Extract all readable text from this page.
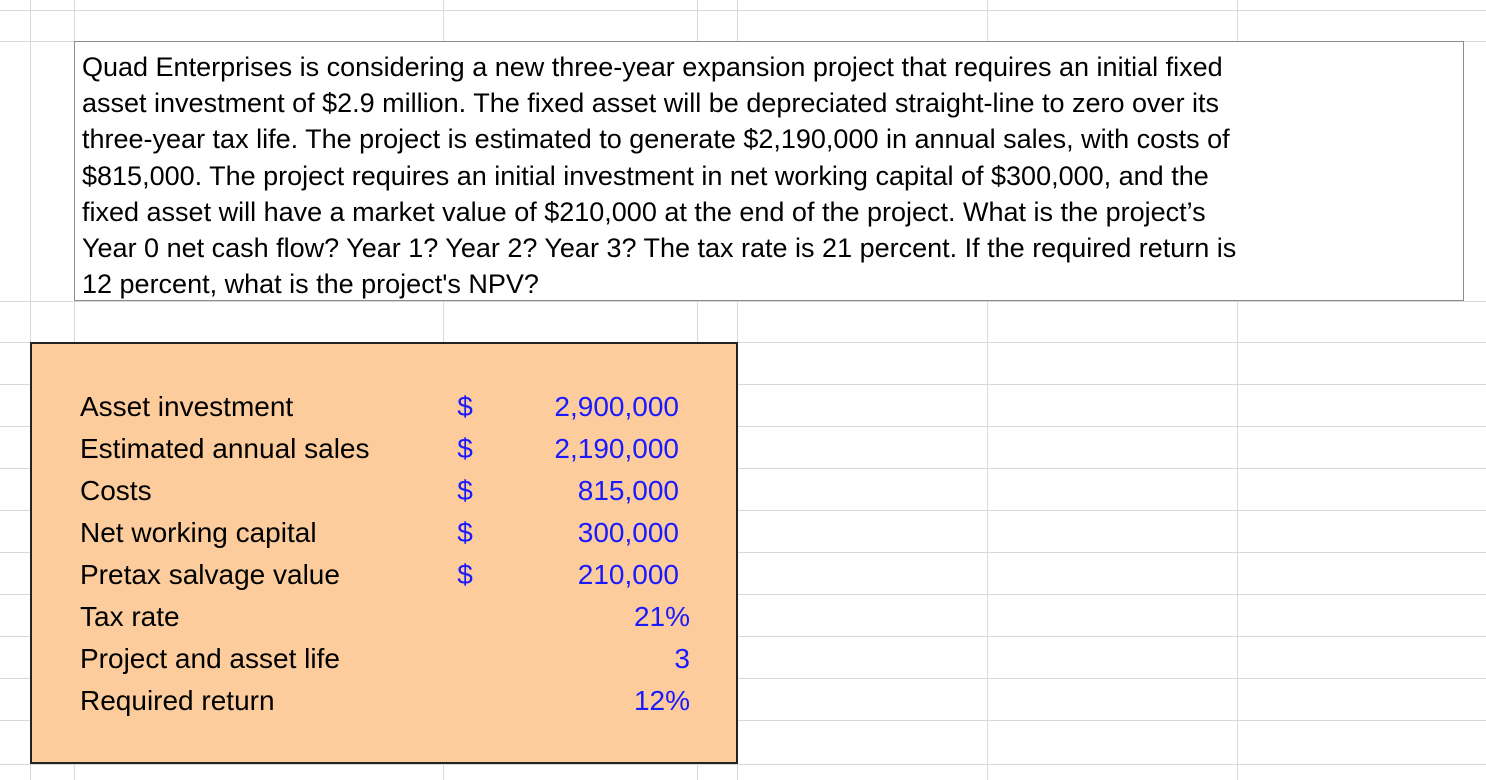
Quad Enterprises is considering a new three-year expansion project that requires an initial fixed
asset investment of $2.9 million. The fixed asset will be depreciated straight-line to zero over its
three-year tax life. The project is estimated to generate $2,190,000 in annual sales, with costs of
$815,000. The project requires an initial investment in net working capital of $300,000, and the
fixed asset will have a market value of $210,000 at the end of the project. What is the project’s
Year 0 net cash flow? Year 1? Year 2? Year 3? The tax rate is 21 percent. If the required return is
12 percent, what is the project's NPV?

Asset investment	$	2,900,000
Estimated annual sales	$	2,190,000
Costs	$	815,000
Net working capital	$	300,000
Pretax salvage value	$	210,000
Tax rate	21%
Project and asset life	3
Required return	12%
